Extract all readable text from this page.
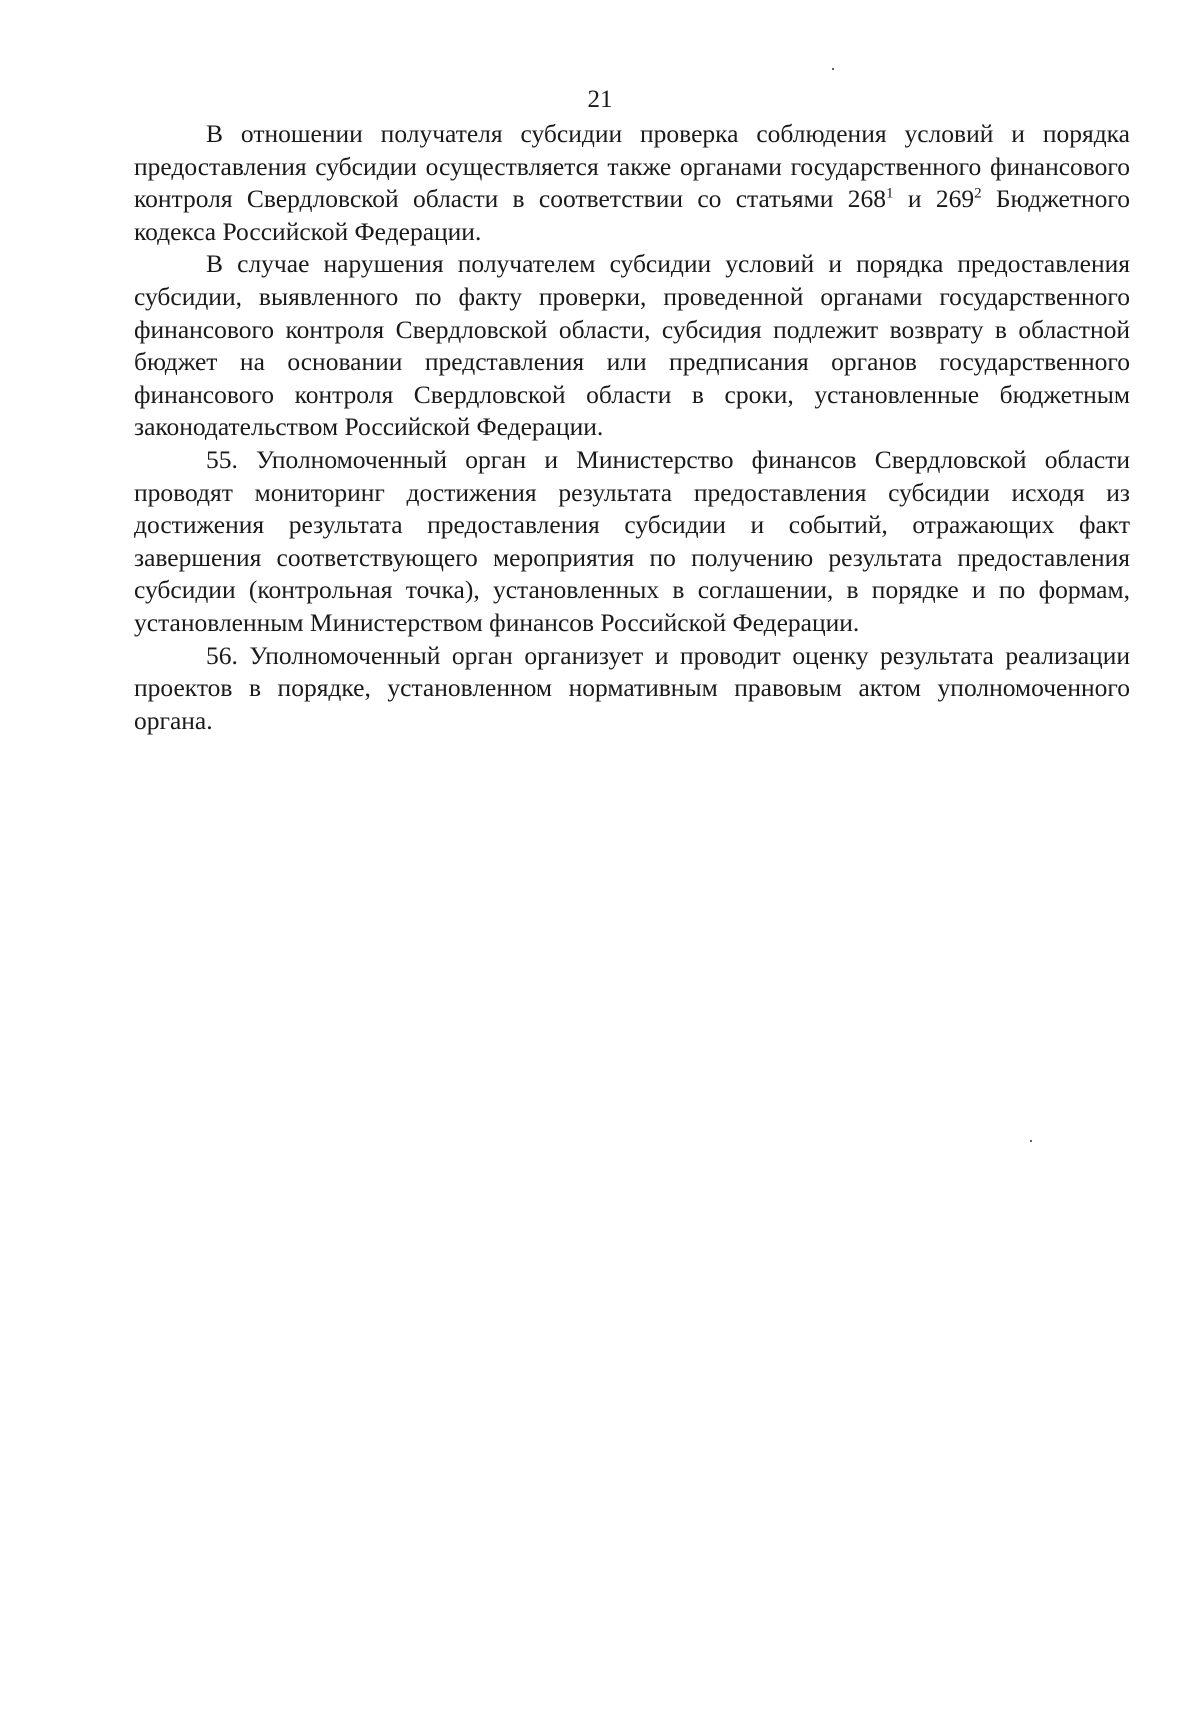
21

В отношении получателя субсидии проверка соблюдения условий и порядка предоставления субсидии осуществляется также органами государственного финансового контроля Свердловской области в соответствии со статьями $268^1$ и $269^2$ Бюджетного кодекса Российской Федерации.

В случае нарушения получателем субсидии условий и порядка предоставления субсидии, выявленного по факту проверки, проведенной органами государственного финансового контроля Свердловской области, субсидия подлежит возврату в областной бюджет на основании представления или предписания органов государственного финансового контроля Свердловской области в сроки, установленные бюджетным законодательством Российской Федерации.

55. Уполномоченный орган и Министерство финансов Свердловской области проводят мониторинг достижения результата предоставления субсидии исходя из достижения результата предоставления субсидии и событий, отражающих факт завершения соответствующего мероприятия по получению результата предоставления субсидии (контрольная точка), установленных в соглашении, в порядке и по формам, установленным Министерством финансов Российской Федерации.

56. Уполномоченный орган организует и проводит оценку результата реализации проектов в порядке, установленном нормативным правовым актом уполномоченного органа.
